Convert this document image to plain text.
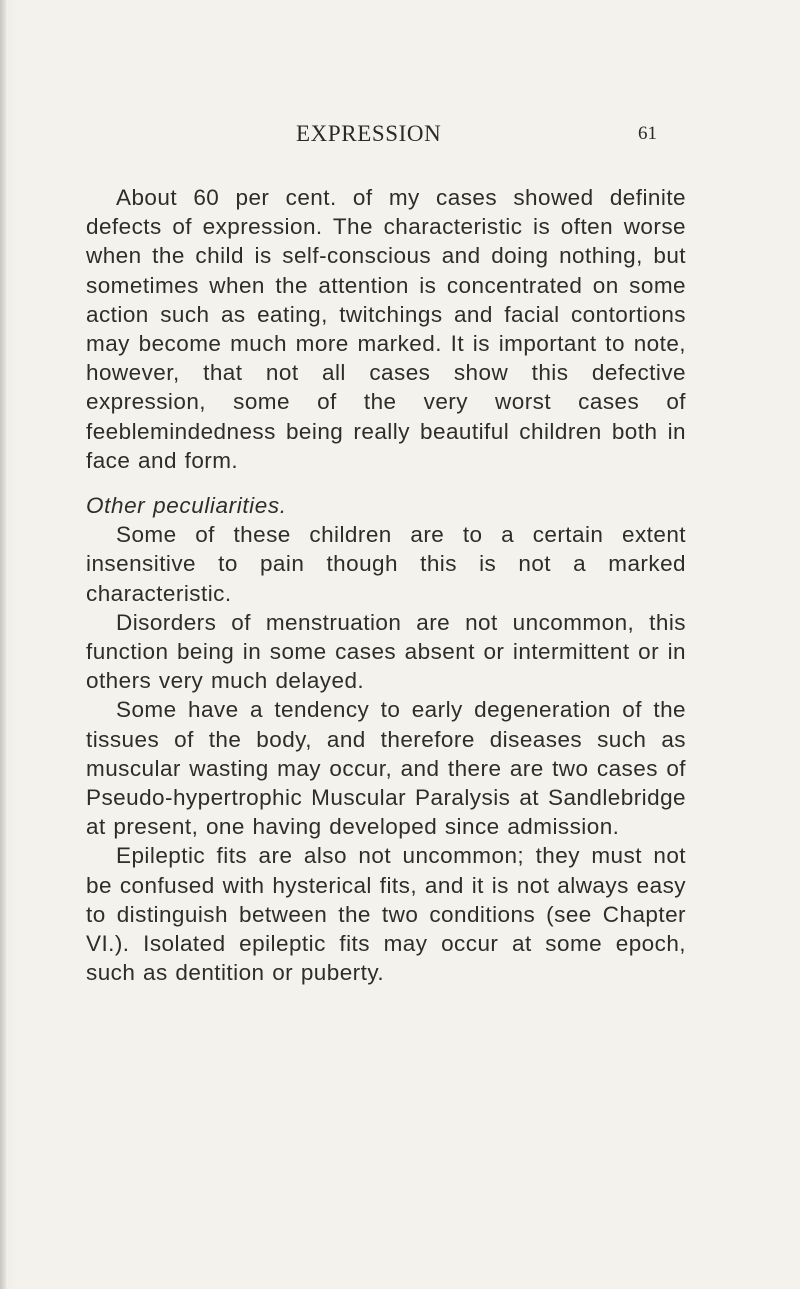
EXPRESSION	61

About 60 per cent. of my cases showed definite defects of expression. The characteristic is often worse when the child is self-conscious and doing nothing, but sometimes when the attention is concentrated on some action such as eating, twitchings and facial contortions may become much more marked. It is important to note, however, that not all cases show this defective expression, some of the very worst cases of feeblemindedness being really beautiful children both in face and form.

Other peculiarities.

Some of these children are to a certain extent insensitive to pain though this is not a marked characteristic.

Disorders of menstruation are not uncommon, this function being in some cases absent or intermittent or in others very much delayed.

Some have a tendency to early degeneration of the tissues of the body, and therefore diseases such as muscular wasting may occur, and there are two cases of Pseudo-hypertrophic Muscular Paralysis at Sandlebridge at present, one having developed since admission.

Epileptic fits are also not uncommon; they must not be confused with hysterical fits, and it is not always easy to distinguish between the two conditions (see Chapter VI.). Isolated epileptic fits may occur at some epoch, such as dentition or puberty.
